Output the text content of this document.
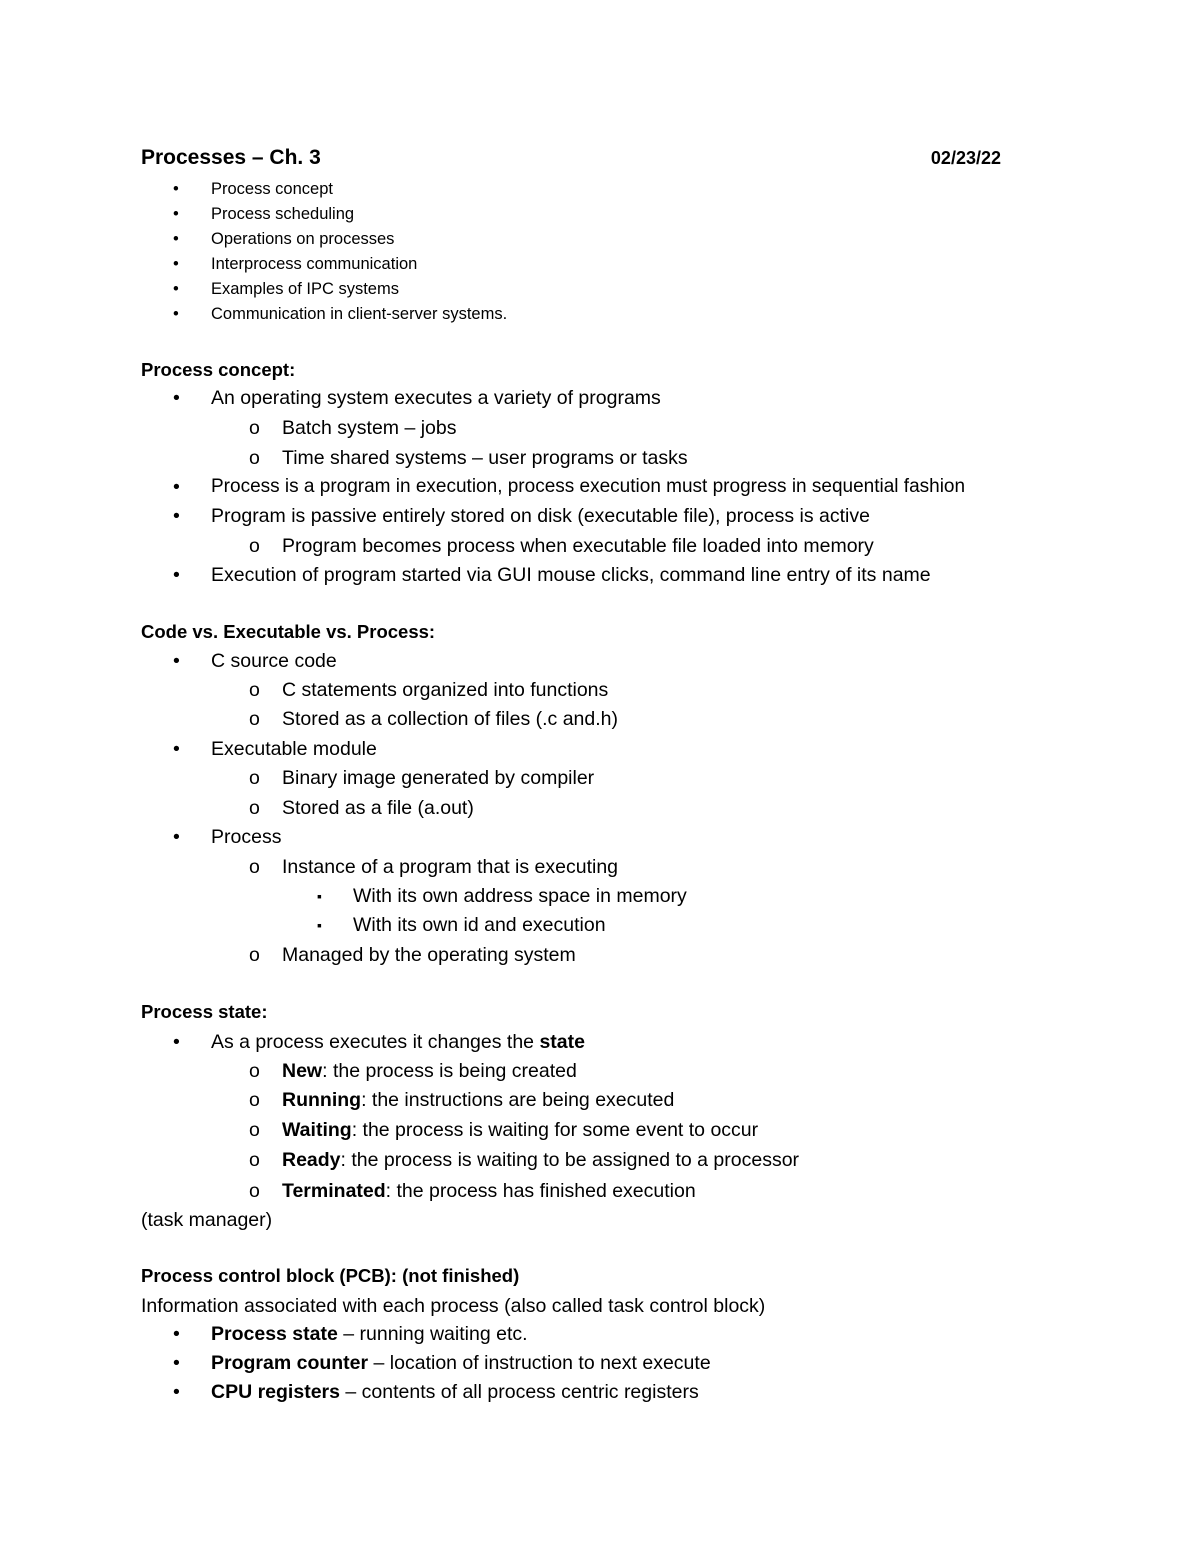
Processes – Ch. 3	02/23/22
• Process concept
• Process scheduling
• Operations on processes
• Interprocess communication
• Examples of IPC systems
• Communication in client-server systems.
Process concept:
• An operating system executes a variety of programs
o Batch system – jobs
o Time shared systems – user programs or tasks
• Process is a program in execution, process execution must progress in sequential fashion
• Program is passive entirely stored on disk (executable file), process is active
o Program becomes process when executable file loaded into memory
• Execution of program started via GUI mouse clicks, command line entry of its name
Code vs. Executable vs. Process:
• C source code
o C statements organized into functions
o Stored as a collection of files (.c and.h)
• Executable module
o Binary image generated by compiler
o Stored as a file (a.out)
• Process
o Instance of a program that is executing
▪ With its own address space in memory
▪ With its own id and execution
o Managed by the operating system
Process state:
• As a process executes it changes the state
o New: the process is being created
o Running: the instructions are being executed
o Waiting: the process is waiting for some event to occur
o Ready: the process is waiting to be assigned to a processor
o Terminated: the process has finished execution
(task manager)
Process control block (PCB): (not finished)
Information associated with each process (also called task control block)
• Process state – running waiting etc.
• Program counter – location of instruction to next execute
• CPU registers – contents of all process centric registers
